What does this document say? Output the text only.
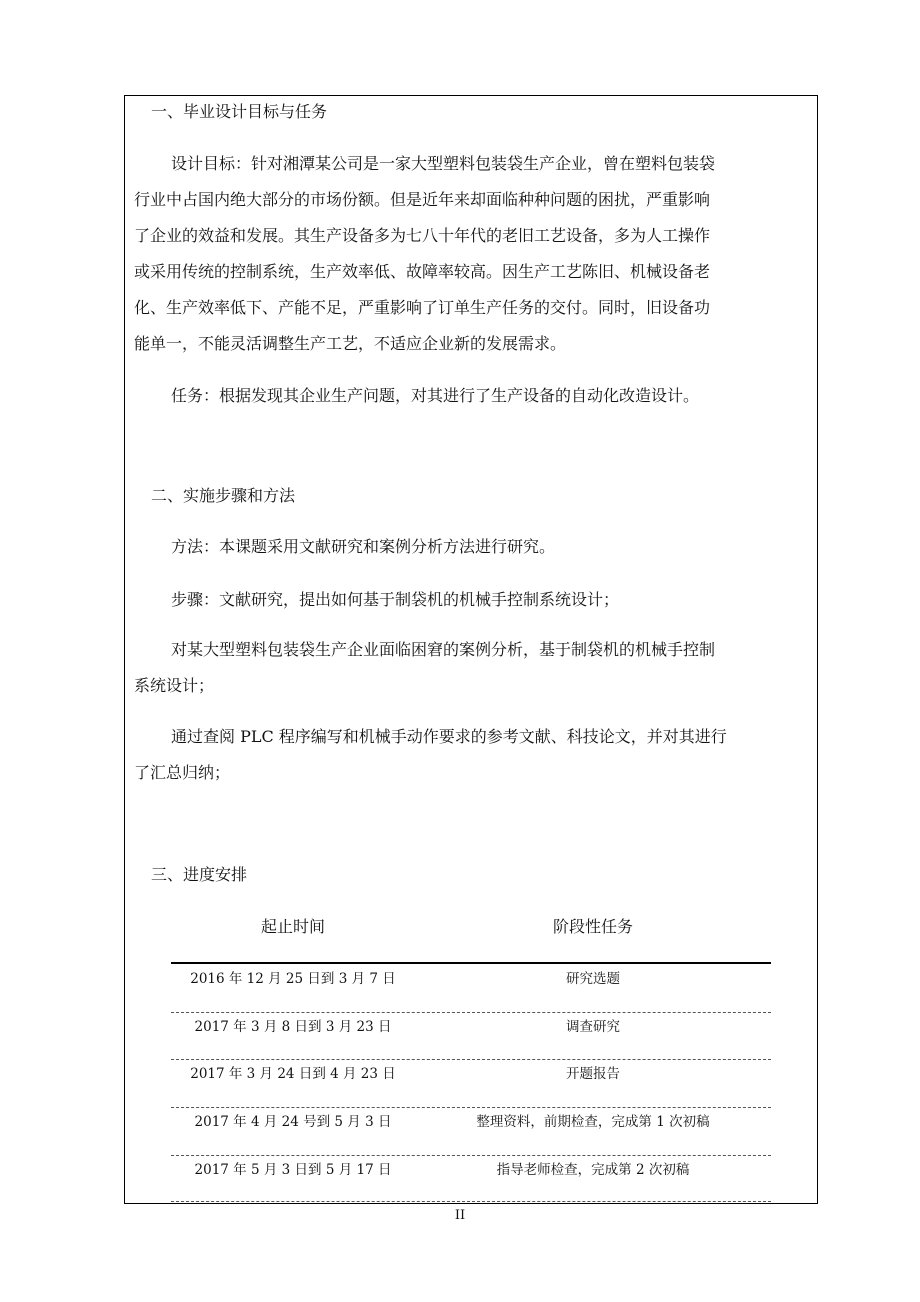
一、毕业设计目标与任务
设计目标：针对湘潭某公司是一家大型塑料包装袋生产企业，曾在塑料包装袋
行业中占国内绝大部分的市场份额。但是近年来却面临种种问题的困扰，严重影响
了企业的效益和发展。其生产设备多为七八十年代的老旧工艺设备，多为人工操作
或采用传统的控制系统，生产效率低、故障率较高。因生产工艺陈旧、机械设备老
化、生产效率低下、产能不足，严重影响了订单生产任务的交付。同时，旧设备功
能单一，不能灵活调整生产工艺，不适应企业新的发展需求。
任务：根据发现其企业生产问题，对其进行了生产设备的自动化改造设计。
二、实施步骤和方法
方法：本课题采用文献研究和案例分析方法进行研究。
步骤：文献研究，提出如何基于制袋机的机械手控制系统设计；
对某大型塑料包装袋生产企业面临困窘的案例分析，基于制袋机的机械手控制
系统设计；
通过查阅 PLC 程序编写和机械手动作要求的参考文献、科技论文，并对其进行
了汇总归纳；
三、进度安排
起止时间	阶段性任务
2016 年 12 月 25 日到 3 月 7 日	研究选题
2017 年 3 月 8 日到 3 月 23 日	调查研究
2017 年 3 月 24 日到 4 月 23 日	开题报告
2017 年 4 月 24 号到 5 月 3 日	整理资料，前期检查，完成第 1 次初稿
2017 年 5 月 3 日到 5 月 17 日	指导老师检查，完成第 2 次初稿
II
